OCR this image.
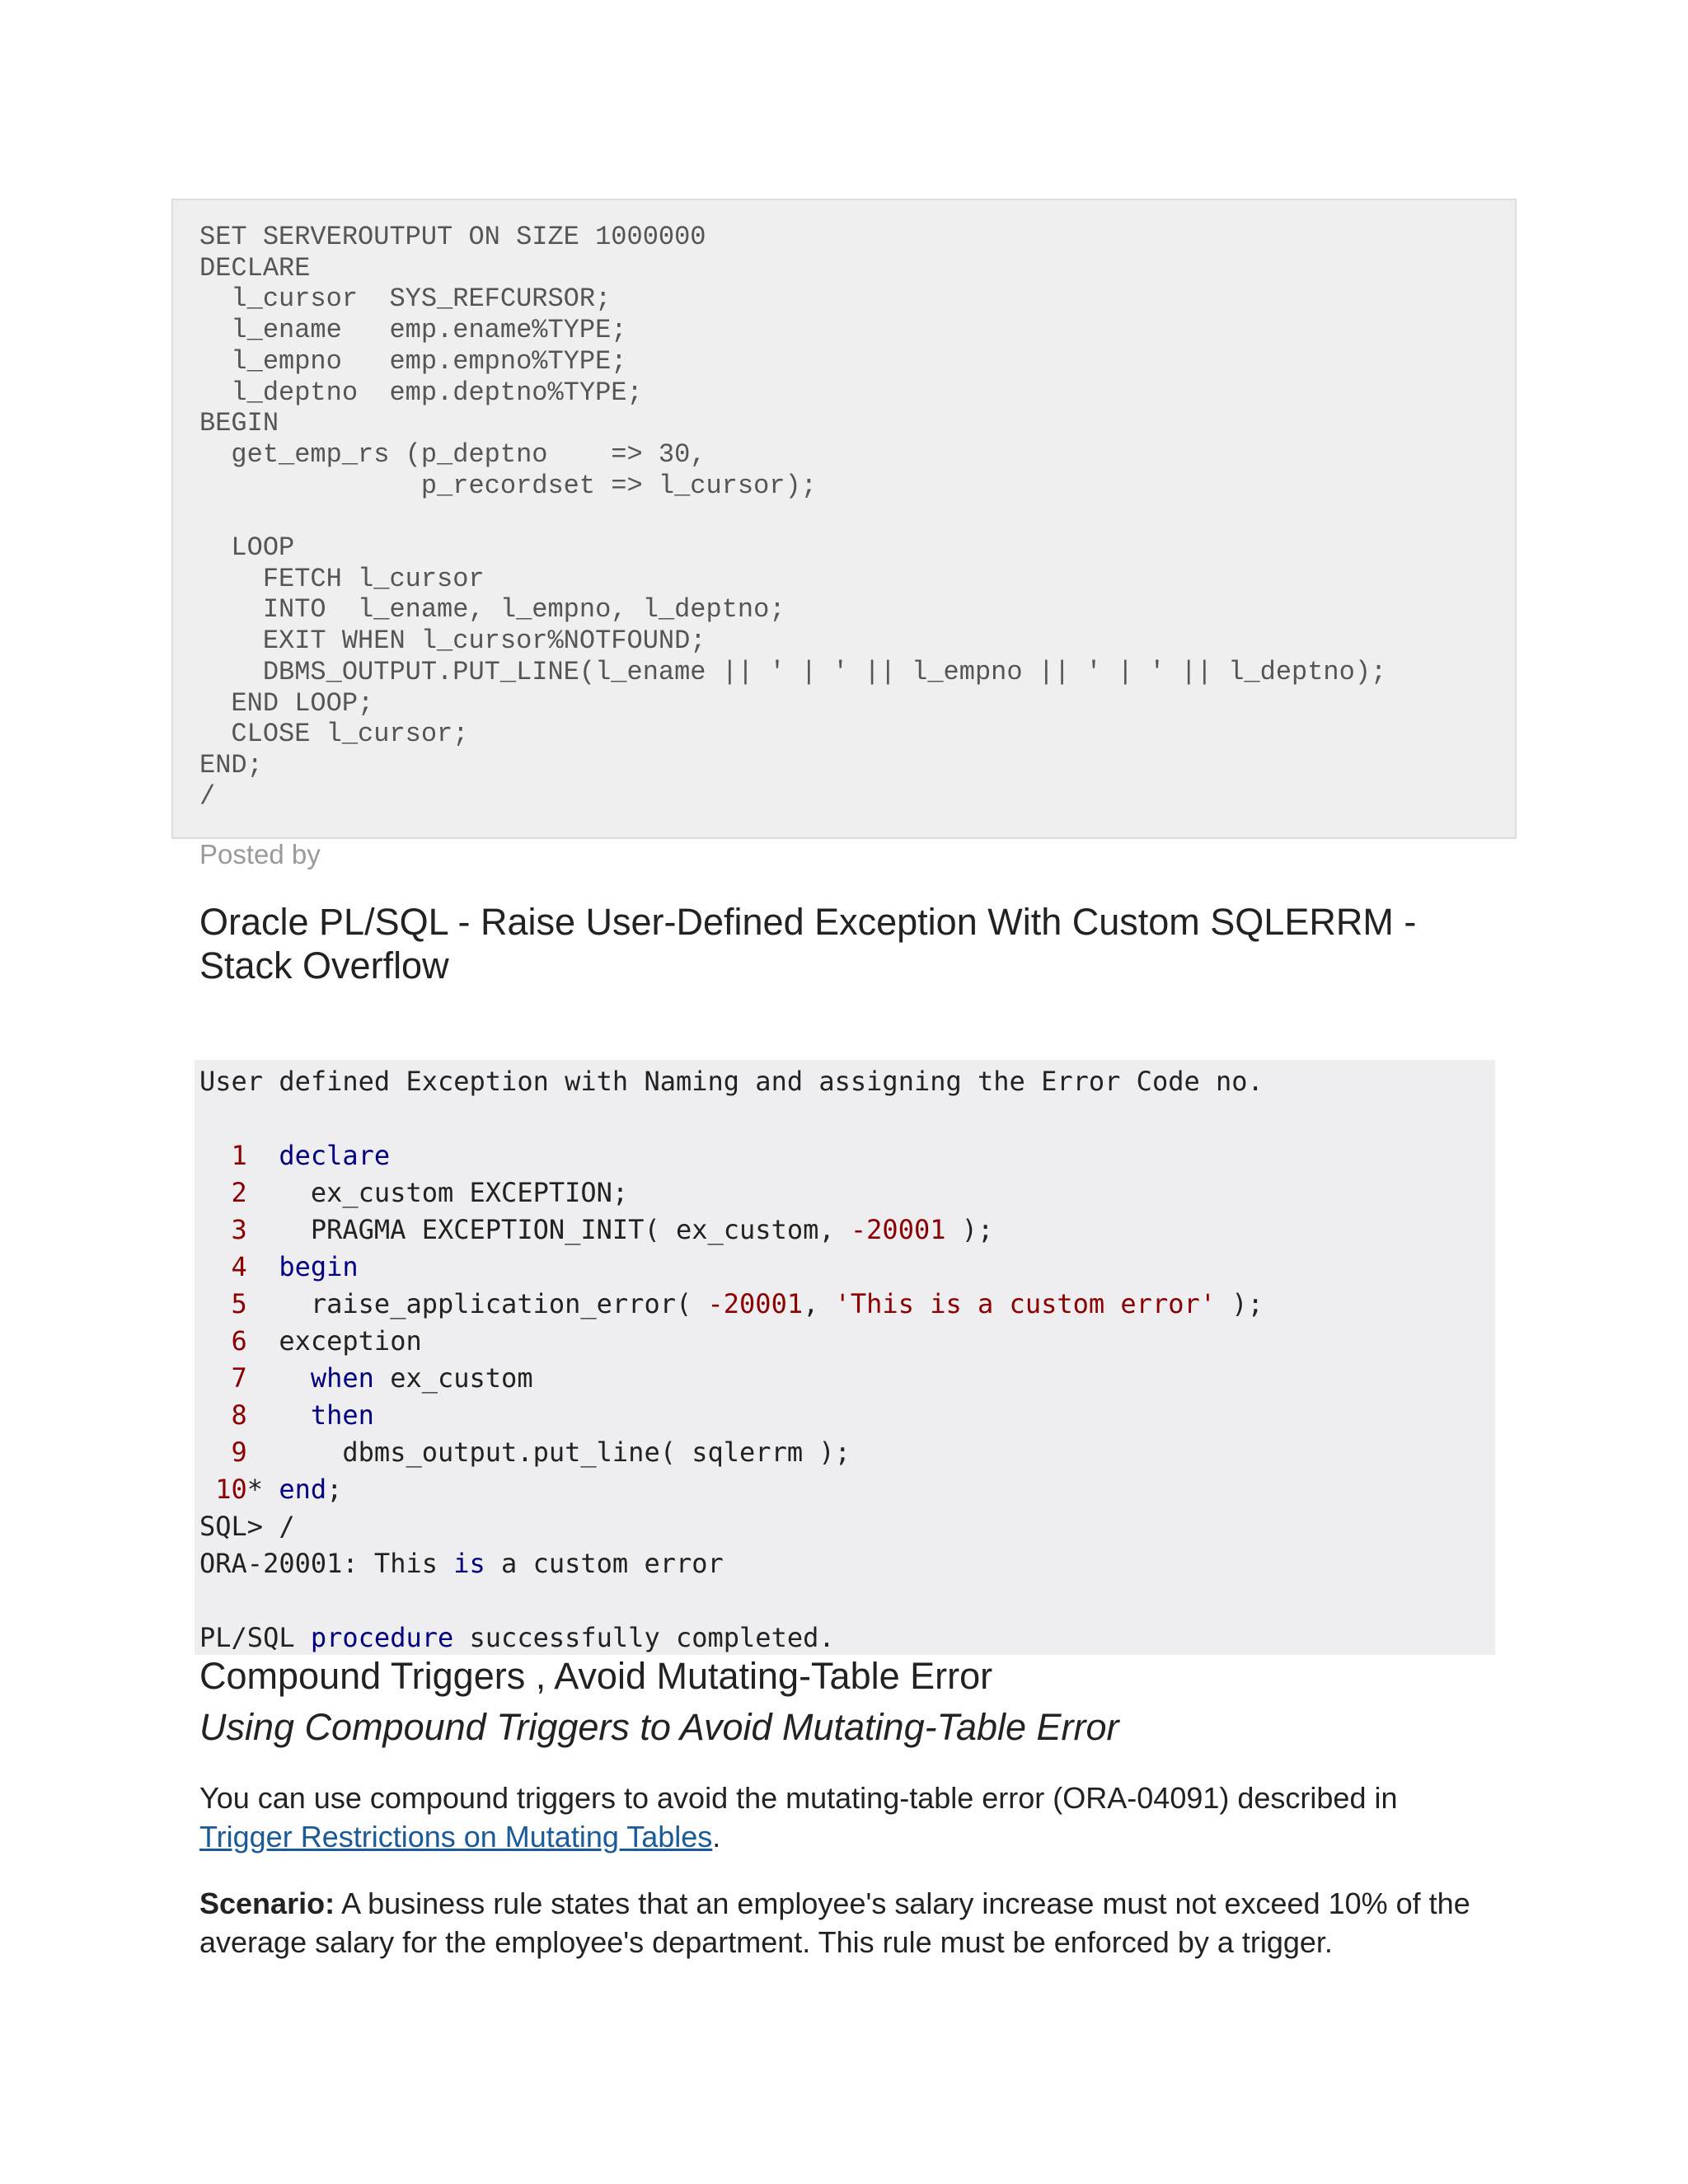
SET SERVEROUTPUT ON SIZE 1000000
DECLARE
l_cursor  SYS_REFCURSOR;
l_ename   emp.ename%TYPE;
l_empno   emp.empno%TYPE;
l_deptno  emp.deptno%TYPE;
BEGIN
get_emp_rs (p_deptno    => 30,
p_recordset => l_cursor);

LOOP
FETCH l_cursor
INTO  l_ename, l_empno, l_deptno;
EXIT WHEN l_cursor%NOTFOUND;
DBMS_OUTPUT.PUT_LINE(l_ename || ' | ' || l_empno || ' | ' || l_deptno);
END LOOP;
CLOSE l_cursor;
END;
/
Posted by
Oracle PL/SQL - Raise User-Defined Exception With Custom SQLERRM - Stack Overflow
User defined Exception with Naming and assigning the Error Code no.

1 declare
2 ex_custom EXCEPTION;
3 PRAGMA EXCEPTION_INIT( ex_custom, -20001 );
4 begin
5 raise_application_error( -20001, 'This is a custom error' );
6 exception
7 when ex_custom
8 then
9	dbms_output.put_line( sqlerrm );
10* end;
SQL> /
ORA-20001: This is a custom error

PL/SQL procedure successfully completed.
Compound Triggers , Avoid Mutating-Table Error
Using Compound Triggers to Avoid Mutating-Table Error

You can use compound triggers to avoid the mutating-table error (ORA-04091) described in Trigger Restrictions on Mutating Tables.

Scenario: A business rule states that an employee's salary increase must not exceed 10% of the average salary for the employee's department. This rule must be enforced by a trigger.
